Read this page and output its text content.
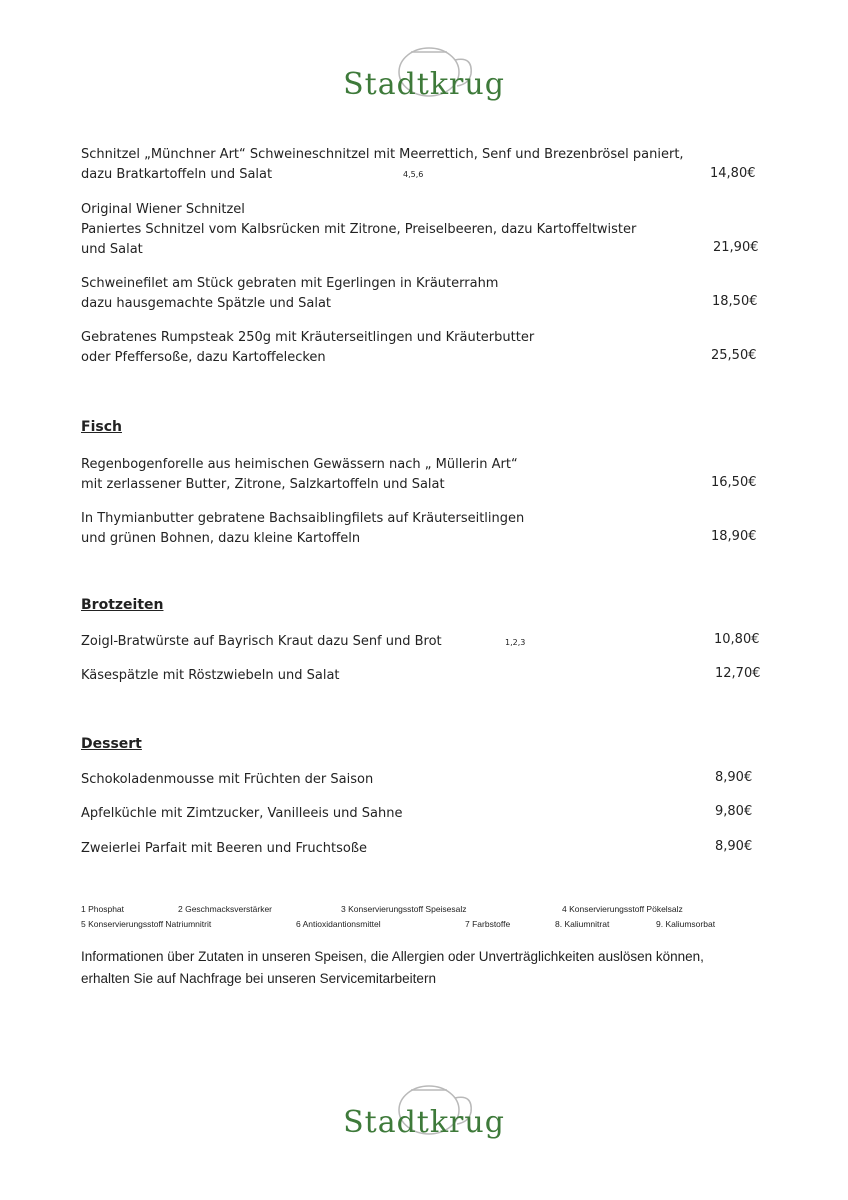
Stadtkrug
Schnitzel „Münchner Art“ Schweineschnitzel mit Meerrettich, Senf und Brezenbrösel paniert,
dazu Bratkartoffeln und Salat	4,5,6	14,80€
Original Wiener Schnitzel
Paniertes Schnitzel vom Kalbsrücken mit Zitrone, Preiselbeeren, dazu Kartoffeltwister
und Salat	21,90€
Schweinefilet am Stück gebraten mit Egerlingen in Kräuterrahm
dazu hausgemachte Spätzle und Salat	18,50€
Gebratenes Rumpsteak 250g mit Kräuterseitlingen und Kräuterbutter
oder Pfeffersoße, dazu Kartoffelecken	25,50€
Fisch
Regenbogenforelle aus heimischen Gewässern nach „ Müllerin Art“
mit zerlassener Butter, Zitrone, Salzkartoffeln und Salat	16,50€
In Thymianbutter gebratene Bachsaiblingfilets auf Kräuterseitlingen
und grünen Bohnen, dazu kleine Kartoffeln	18,90€
Brotzeiten
Zoigl-Bratwürste auf Bayrisch Kraut dazu Senf und Brot	1,2,3	10,80€
Käsespätzle mit Röstzwiebeln und Salat	12,70€
Dessert
Schokoladenmousse mit Früchten der Saison	8,90€
Apfelküchle mit Zimtzucker, Vanilleeis und Sahne	9,80€
Zweierlei Parfait mit Beeren und Fruchtsoße	8,90€
1 Phosphat	2 Geschmacksverstärker	3 Konservierungsstoff Speisesalz	4 Konservierungsstoff Pökelsalz
5 Konservierungsstoff Natriumnitrit	6 Antioxidantionsmittel	7 Farbstoffe	8. Kaliumnitrat	9. Kaliumsorbat
Informationen über Zutaten in unseren Speisen, die Allergien oder Unverträglichkeiten auslösen können,
erhalten Sie auf Nachfrage bei unseren Servicemitarbeitern
Stadtkrug
